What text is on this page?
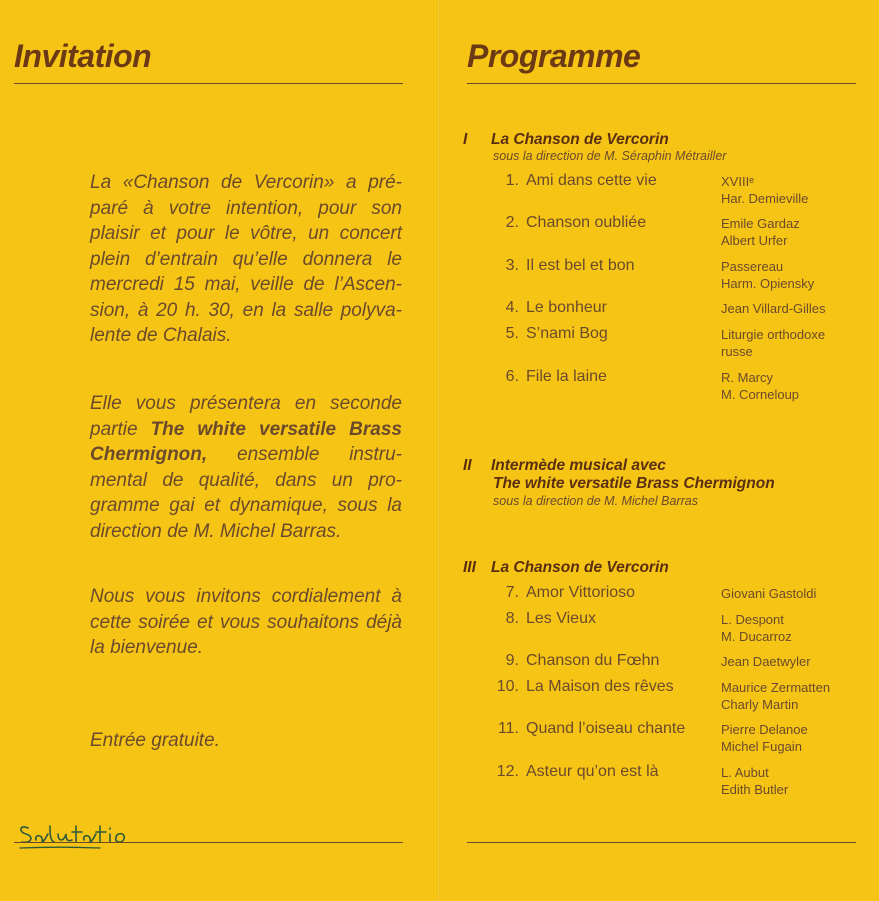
Invitation

La «Chanson de Vercorin» a pré-paré à votre intention, pour son plaisir et pour le vôtre, un concert plein d’entrain qu’elle donnera le mercredi 15 mai, veille de l’Ascen-sion, à 20 h. 30, en la salle polyva-lente de Chalais.

Elle vous présentera en seconde partie The white versatile Brass Chermignon, ensemble instru-mental de qualité, dans un pro-gramme gai et dynamique, sous la direction de M. Michel Barras.

Nous vous invitons cordialement à cette soirée et vous souhaitons déjà la bienvenue.

Entrée gratuite.

Programme
I La Chanson de Vercorin
sous la direction de M. Séraphin Métrailler
1. Ami dans cette vie	XVIIIᵉ
Har. Demieville
2. Chanson oubliée	Emile Gardaz
Albert Urfer
3. Il est bel et bon	Passereau
Harm. Opiensky
4. Le bonheur	Jean Villard-Gilles
5. S’nami Bog	Liturgie orthodoxe
russe
6. File la laine	R. Marcy
M. Corneloup
II Intermède musical avec
The white versatile Brass Chermignon
sous la direction de M. Michel Barras
III La Chanson de Vercorin
7. Amor Vittorioso	Giovani Gastoldi
8. Les Vieux	L. Despont
M. Ducarroz
9. Chanson du Fœhn	Jean Daetwyler
10. La Maison des rêves	Maurice Zermatten
Charly Martin
11. Quand l’oiseau chante	Pierre Delanoe
Michel Fugain
12. Asteur qu’on est là	L. Aubut
Edith Butler
